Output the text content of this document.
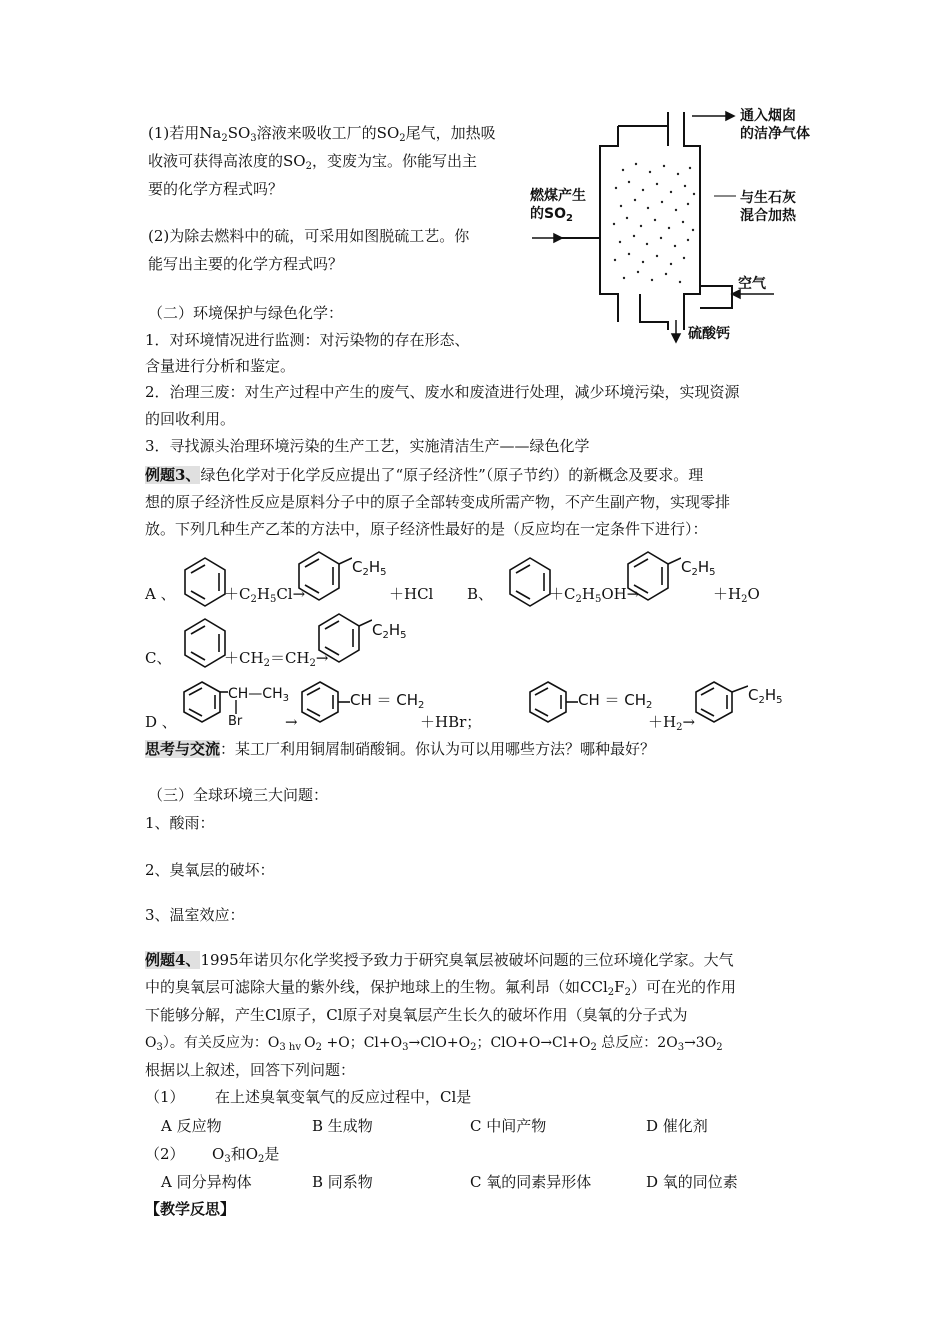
(1)若用$Na_2SO_3$溶液来吸收工厂的$SO_2$尾气，加热吸
收液可获得高浓度的$SO_2$，变废为宝。你能写出主
要的化学方程式吗？
(2)为除去燃料中的硫，可采用如图脱硫工艺。你
能写出主要的化学方程式吗？
通入烟囱
的洁净气体
燃煤产生
的$SO_2$
与生石灰
混合加热
空气
硫酸钙
（二）环境保护与绿色化学：
1．对环境情况进行监测：对污染物的存在形态、
含量进行分析和鉴定。
2．治理三废：对生产过程中产生的废气、废水和废渣进行处理，减少环境污染，实现资源
的回收利用。
3．寻找源头治理环境污染的生产工艺，实施清洁生产——绿色化学
例题3、绿色化学对于化学反应提出了“原子经济性”（原子节约）的新概念及要求。理
想的原子经济性反应是原料分子中的原子全部转变成所需产物，不产生副产物，实现零排
放。下列几种生产乙苯的方法中，原子经济性最好的是（反应均在一定条件下进行）：
A 、	$+C_2H_5Cl\to$
$C_2H_5$
＋HCl B、	$+C_2H_5OH\to$
$C_2H_5$
$+H_2O$
C、	$+CH_2=CH_2\to$
$C_2H_5$
D 、
$CH—CH_3$
Br	→
CH ＝ $CH_2$
＋HBr；
CH ＝ $CH_2$
$+H_2\to$
$C_2H_5$
思考与交流：某工厂利用铜屑制硝酸铜。你认为可以用哪些方法？哪种最好？
（三）全球环境三大问题：
1、酸雨：
2、臭氧层的破坏：
3、温室效应：
例题4、1995年诺贝尔化学奖授予致力于研究臭氧层被破坏问题的三位环境化学家。大气
中的臭氧层可滤除大量的紫外线，保护地球上的生物。氟利昂（如$CCl_2F_2$）可在光的作用
下能够分解，产生Cl原子，Cl原子对臭氧层产生长久的破坏作用（臭氧的分子式为
$O_3$）。有关反应为：$O_3$ $_{hv}$ $O_2 +O$；$Cl+O_3\to ClO+O_2$；$ClO+O\to Cl+O_2$ 总反应：$2O_3\to 3O_2$
根据以上叙述，回答下列问题：
（1） 在上述臭氧变氧气的反应过程中，Cl是
A 反应物	B 生成物	C 中间产物	D 催化剂
（2） $O_3$和$O_2$是
A 同分异构体	B 同系物	C 氧的同素异形体	D 氧的同位素
【教学反思】
